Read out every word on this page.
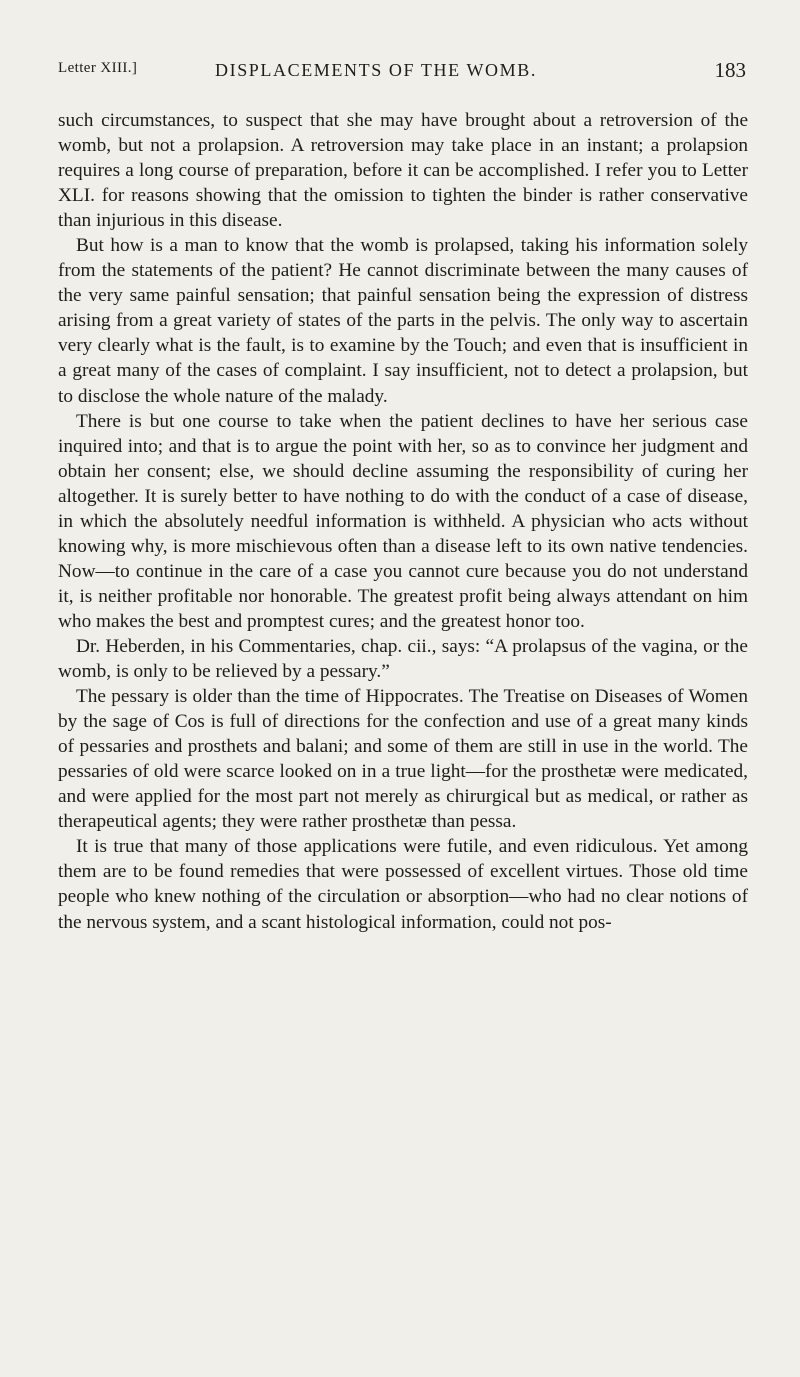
Letter XIII.]	DISPLACEMENTS OF THE WOMB.	183

such circumstances, to suspect that she may have brought about a retroversion of the womb, but not a prolapsion. A retroversion may take place in an instant; a prolapsion requires a long course of preparation, before it can be accomplished. I refer you to Letter XLI. for reasons showing that the omission to tighten the binder is rather conservative than injurious in this disease.

But how is a man to know that the womb is prolapsed, taking his information solely from the statements of the patient? He cannot discriminate between the many causes of the very same painful sensation; that painful sensation being the expression of distress arising from a great variety of states of the parts in the pelvis. The only way to ascertain very clearly what is the fault, is to examine by the Touch; and even that is insufficient in a great many of the cases of complaint. I say insufficient, not to detect a prolapsion, but to disclose the whole nature of the malady.

There is but one course to take when the patient declines to have her serious case inquired into; and that is to argue the point with her, so as to convince her judgment and obtain her consent; else, we should decline assuming the responsibility of curing her altogether. It is surely better to have nothing to do with the conduct of a case of disease, in which the absolutely needful information is withheld. A physician who acts without knowing why, is more mischievous often than a disease left to its own native tendencies. Now—to continue in the care of a case you cannot cure because you do not understand it, is neither profitable nor honorable. The greatest profit being always attendant on him who makes the best and promptest cures; and the greatest honor too.

Dr. Heberden, in his Commentaries, chap. cii., says: “A prolapsus of the vagina, or the womb, is only to be relieved by a pessary.”

The pessary is older than the time of Hippocrates. The Treatise on Diseases of Women by the sage of Cos is full of directions for the confection and use of a great many kinds of pessaries and prosthets and balani; and some of them are still in use in the world. The pessaries of old were scarce looked on in a true light—for the prosthetæ were medicated, and were applied for the most part not merely as chirurgical but as medical, or rather as therapeutical agents; they were rather prosthetæ than pessa.

It is true that many of those applications were futile, and even ridiculous. Yet among them are to be found remedies that were possessed of excellent virtues. Those old time people who knew nothing of the circulation or absorption—who had no clear notions of the nervous system, and a scant histological information, could not pos-
